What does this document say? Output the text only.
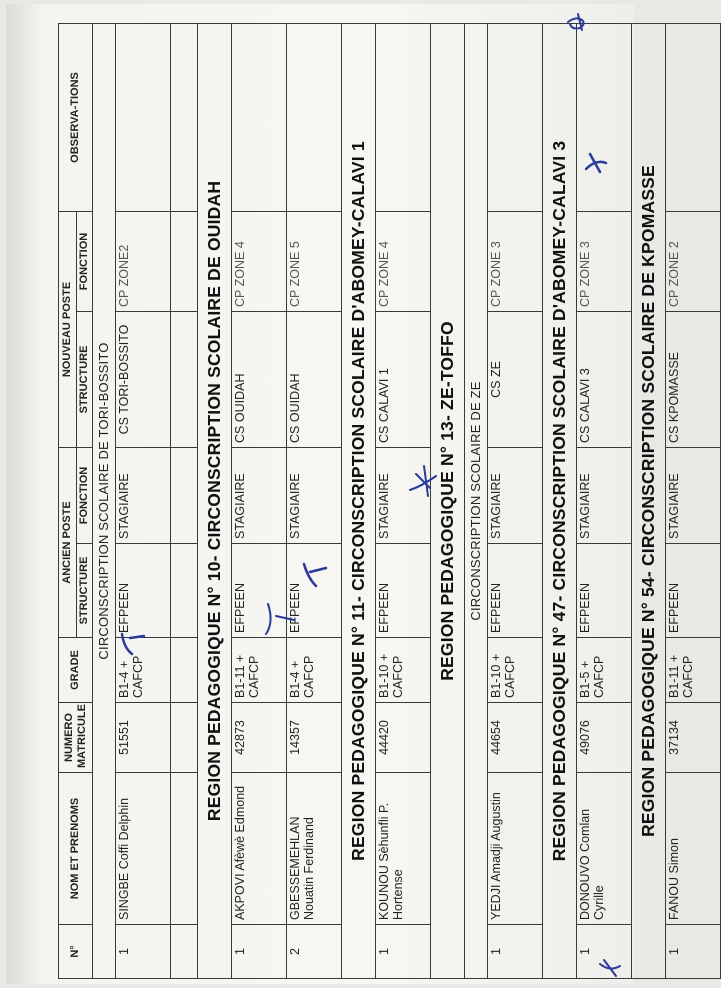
N°	NOM ET PRENOMS	NUMERO MATRICULE	GRADE	ANCIEN POSTE		NOUVEAU POSTE		OBSERVA-TIONS
				STRUCTURE	FONCTION	STRUCTURE	FONCTION	
CIRCONSCRIPTION SCOLAIRE DE TORI-BOSSITO								
1	SINGBE Coffi Delphin	51551	B1-4 + CAFCP	EFPEEN	STAGIAIRE	CS TORI-BOSSITO	CP ZONE2	

REGION PEDAGOGIQUE N° 10- CIRCONSCRIPTION SCOLAIRE DE OUIDAH								
1	AKPOVI Afèwè Edmond	42873	B1-11 + CAFCP	EFPEEN	STAGIAIRE	CS OUIDAH	CP ZONE 4	
2	GBESSEMEHLAN Nouatin Ferdinand	14357	B1-4 + CAFCP	EFPEEN	STAGIAIRE	CS OUIDAH	CP ZONE 5	
REGION PEDAGOGIQUE N° 11- CIRCONSCRIPTION SCOLAIRE D'ABOMEY-CALAVI 1								
1	KOUNOU Sèhunfli P. Hortense	44420	B1-10 + CAFCP	EFPEEN	STAGIAIRE	CS CALAVI 1	CP ZONE 4	
REGION PEDAGOGIQUE N° 13- ZE-TOFFO								
CIRCONSCRIPTION SCOLAIRE DE ZE								
1	YEDJI Amadji Augustin	44654	B1-10 + CAFCP	EFPEEN	STAGIAIRE	CS ZE	CP ZONE 3	
REGION PEDAGOGIQUE N° 47- CIRCONSCRIPTION SCOLAIRE D'ABOMEY-CALAVI 3								
1	DONOUVO Comlan Cyrille	49076	B1-5 + CAFCP	EFPEEN	STAGIAIRE	CS CALAVI 3	CP ZONE 3	
REGION PEDAGOGIQUE N° 54- CIRCONSCRIPTION SCOLAIRE DE KPOMASSE								
1	FANOU Simon	37134	B1-11 + CAFCP	EFPEEN	STAGIAIRE	CS KPOMASSE	CP ZONE 2	
